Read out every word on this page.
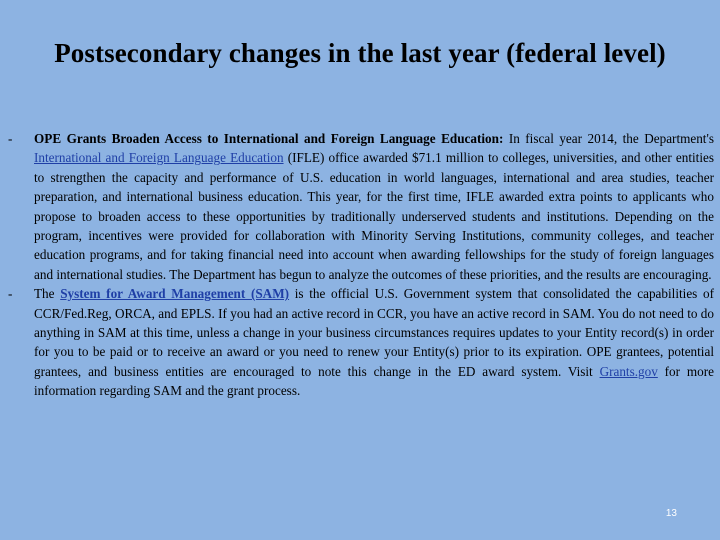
Postsecondary changes in the last year (federal level)
- OPE Grants Broaden Access to International and Foreign Language Education: In fiscal year 2014, the Department's International and Foreign Language Education (IFLE) office awarded $71.1 million to colleges, universities, and other entities to strengthen the capacity and performance of U.S. education in world languages, international and area studies, teacher preparation, and international business education. This year, for the first time, IFLE awarded extra points to applicants who propose to broaden access to these opportunities by traditionally underserved students and institutions. Depending on the program, incentives were provided for collaboration with Minority Serving Institutions, community colleges, and teacher education programs, and for taking financial need into account when awarding fellowships for the study of foreign languages and international studies. The Department has begun to analyze the outcomes of these priorities, and the results are encouraging.
- The System for Award Management (SAM) is the official U.S. Government system that consolidated the capabilities of CCR/Fed.Reg, ORCA, and EPLS. If you had an active record in CCR, you have an active record in SAM. You do not need to do anything in SAM at this time, unless a change in your business circumstances requires updates to your Entity record(s) in order for you to be paid or to receive an award or you need to renew your Entity(s) prior to its expiration. OPE grantees, potential grantees, and business entities are encouraged to note this change in the ED award system. Visit Grants.gov for more information regarding SAM and the grant process.
13
